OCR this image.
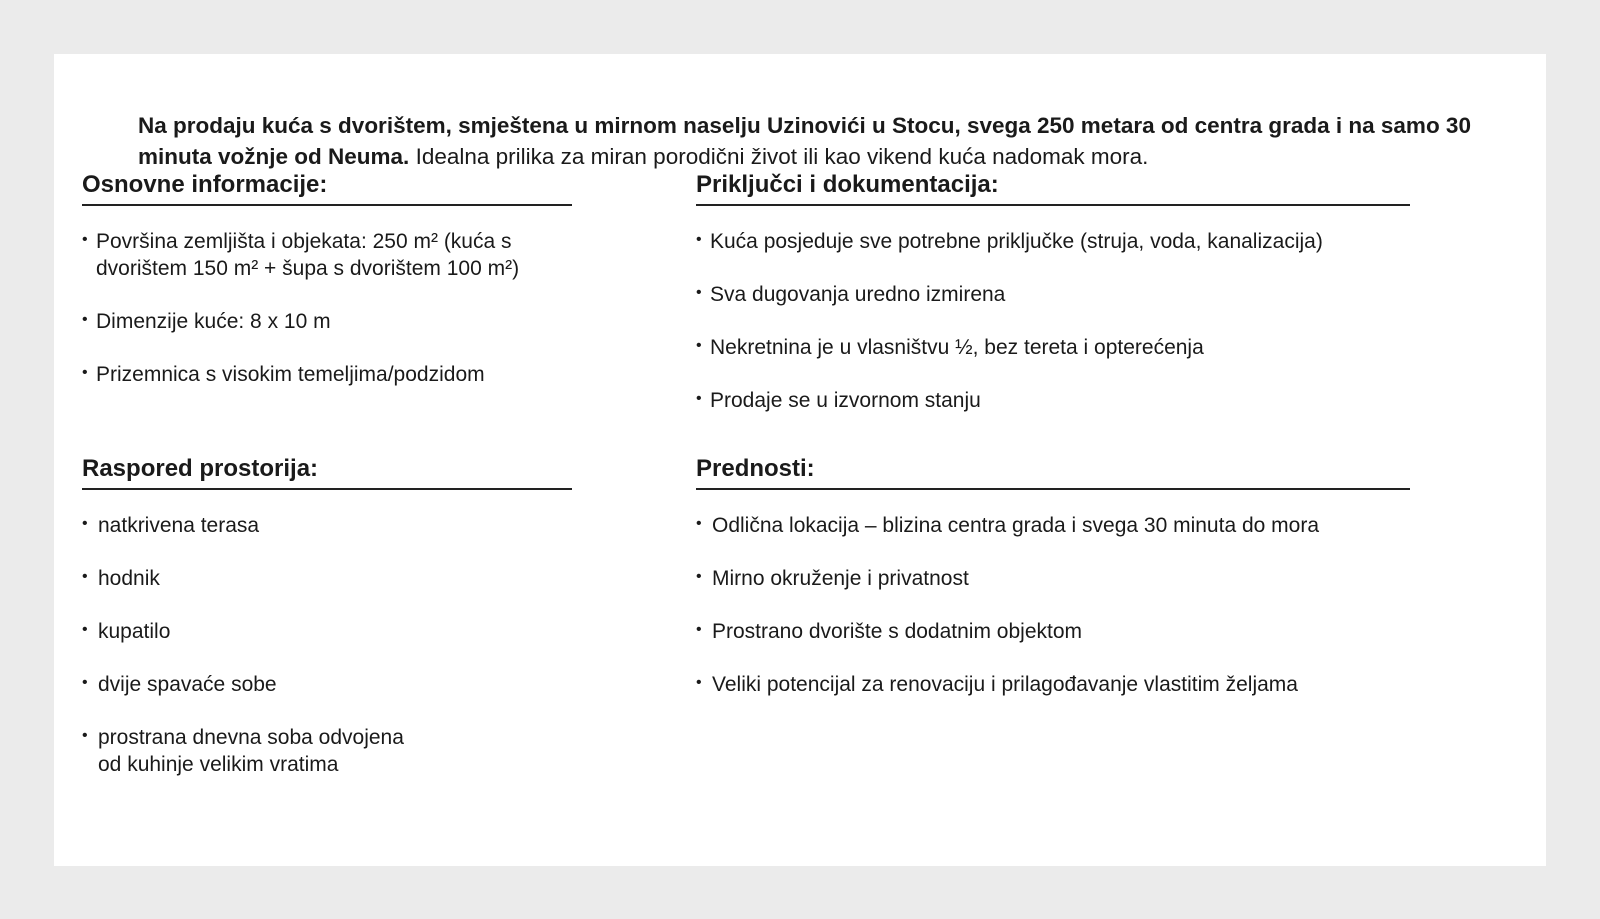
Na prodaju kuća s dvorištem, smještena u mirnom naselju Uzinovići u Stocu, svega 250 metara od centra grada i na samo 30 minuta vožnje od Neuma. Idealna prilika za miran porodični život ili kao vikend kuća nadomak mora.

Osnovne informacije:
• Površina zemljišta i objekata: 250 m² (kuća s
dvorištem 150 m² + šupa s dvorištem 100 m²)
• Dimenzije kuće: 8 x 10 m
• Prizemnica s visokim temeljima/podzidom
Priključci i dokumentacija:
• Kuća posjeduje sve potrebne priključke (struja, voda, kanalizacija)
• Sva dugovanja uredno izmirena
• Nekretnina je u vlasništvu ½, bez tereta i opterećenja
• Prodaje se u izvornom stanju
Raspored prostorija:
• natkrivena terasa
• hodnik
• kupatilo
• dvije spavaće sobe
• prostrana dnevna soba odvojena
od kuhinje velikim vratima
Prednosti:
• Odlična lokacija – blizina centra grada i svega 30 minuta do mora
• Mirno okruženje i privatnost
• Prostrano dvorište s dodatnim objektom
• Veliki potencijal za renovaciju i prilagođavanje vlastitim željama
